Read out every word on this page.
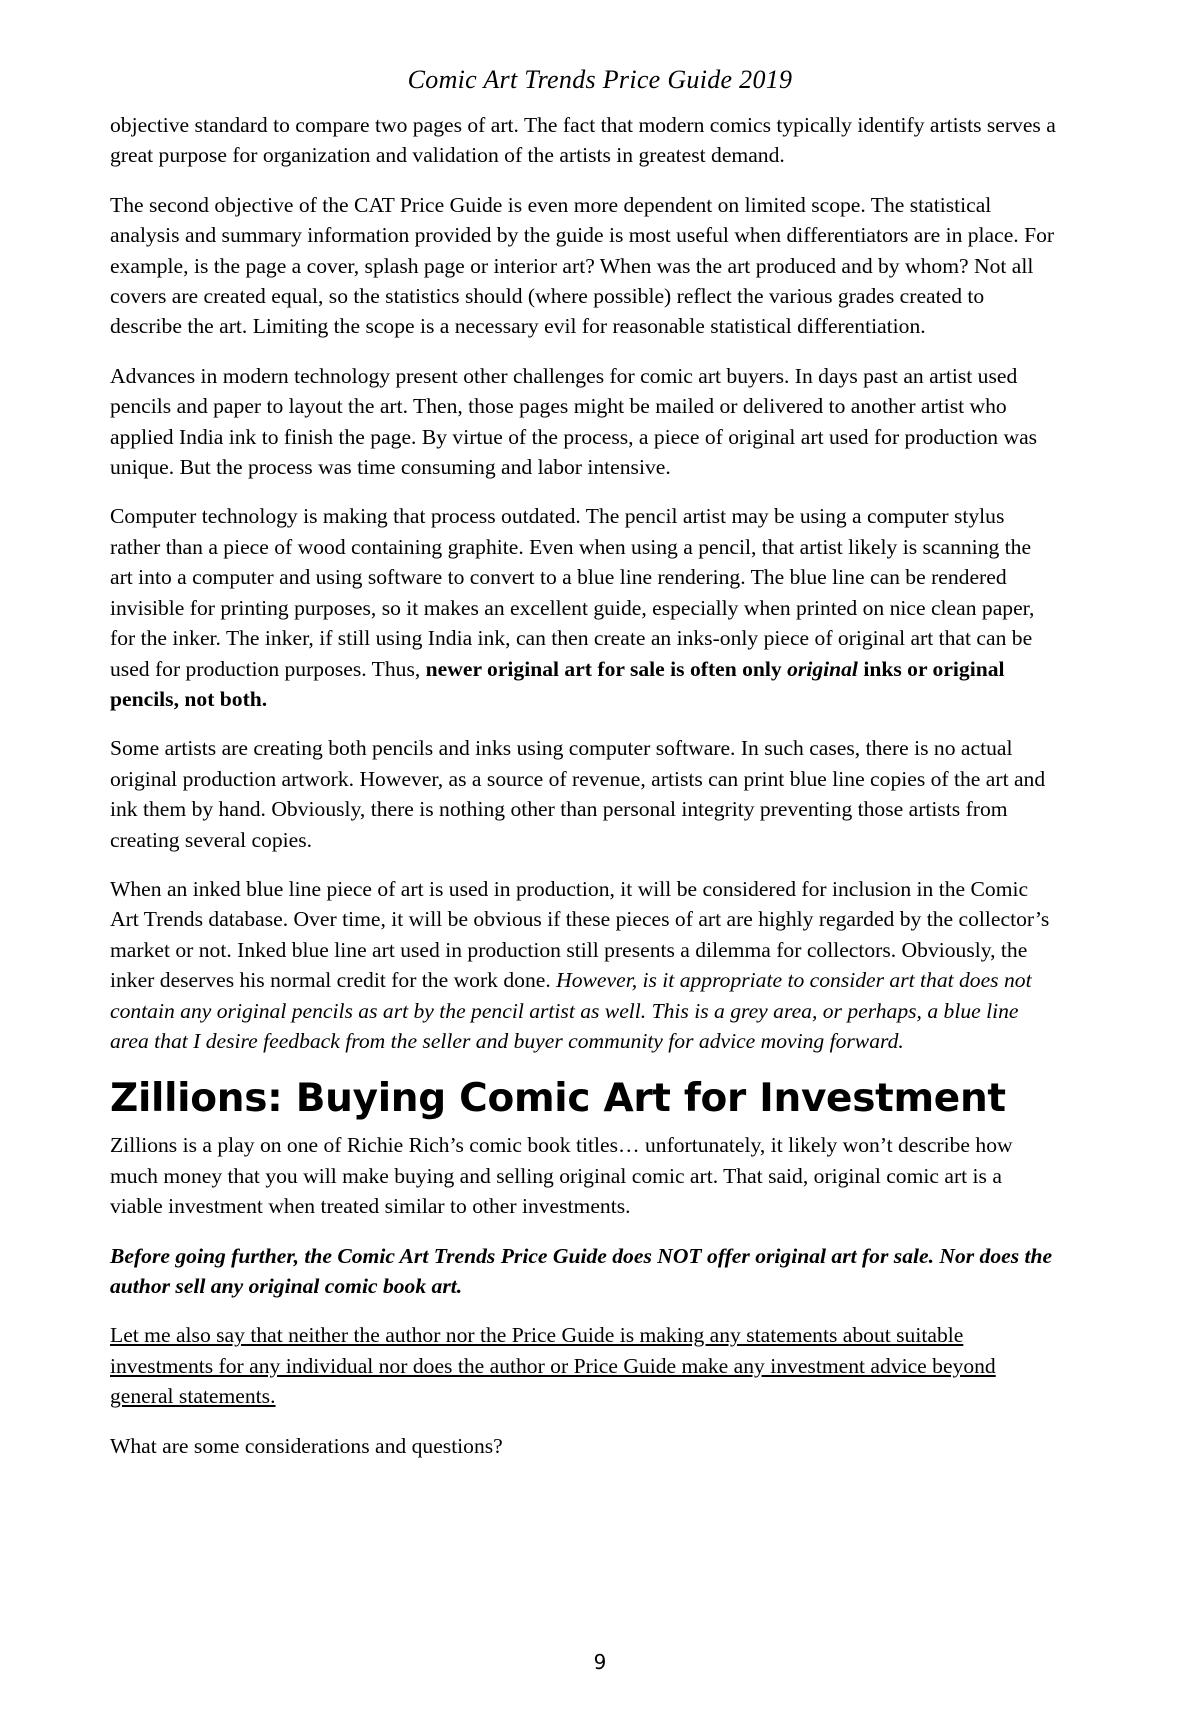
Comic Art Trends Price Guide 2019

objective standard to compare two pages of art. The fact that modern comics typically identify artists serves a great purpose for organization and validation of the artists in greatest demand.

The second objective of the CAT Price Guide is even more dependent on limited scope. The statistical analysis and summary information provided by the guide is most useful when differentiators are in place. For example, is the page a cover, splash page or interior art? When was the art produced and by whom? Not all covers are created equal, so the statistics should (where possible) reflect the various grades created to describe the art. Limiting the scope is a necessary evil for reasonable statistical differentiation.

Advances in modern technology present other challenges for comic art buyers. In days past an artist used pencils and paper to layout the art. Then, those pages might be mailed or delivered to another artist who applied India ink to finish the page. By virtue of the process, a piece of original art used for production was unique. But the process was time consuming and labor intensive.

Computer technology is making that process outdated. The pencil artist may be using a computer stylus rather than a piece of wood containing graphite. Even when using a pencil, that artist likely is scanning the art into a computer and using software to convert to a blue line rendering. The blue line can be rendered invisible for printing purposes, so it makes an excellent guide, especially when printed on nice clean paper, for the inker. The inker, if still using India ink, can then create an inks-only piece of original art that can be used for production purposes. Thus, newer original art for sale is often only original inks or original pencils, not both.

Some artists are creating both pencils and inks using computer software. In such cases, there is no actual original production artwork. However, as a source of revenue, artists can print blue line copies of the art and ink them by hand. Obviously, there is nothing other than personal integrity preventing those artists from creating several copies.

When an inked blue line piece of art is used in production, it will be considered for inclusion in the Comic Art Trends database. Over time, it will be obvious if these pieces of art are highly regarded by the collector’s market or not. Inked blue line art used in production still presents a dilemma for collectors. Obviously, the inker deserves his normal credit for the work done. However, is it appropriate to consider art that does not contain any original pencils as art by the pencil artist as well. This is a grey area, or perhaps, a blue line area that I desire feedback from the seller and buyer community for advice moving forward.

Zillions: Buying Comic Art for Investment

Zillions is a play on one of Richie Rich’s comic book titles… unfortunately, it likely won’t describe how much money that you will make buying and selling original comic art. That said, original comic art is a viable investment when treated similar to other investments.

Before going further, the Comic Art Trends Price Guide does NOT offer original art for sale. Nor does the author sell any original comic book art.

Let me also say that neither the author nor the Price Guide is making any statements about suitable investments for any individual nor does the author or Price Guide make any investment advice beyond general statements.

What are some considerations and questions?

9
